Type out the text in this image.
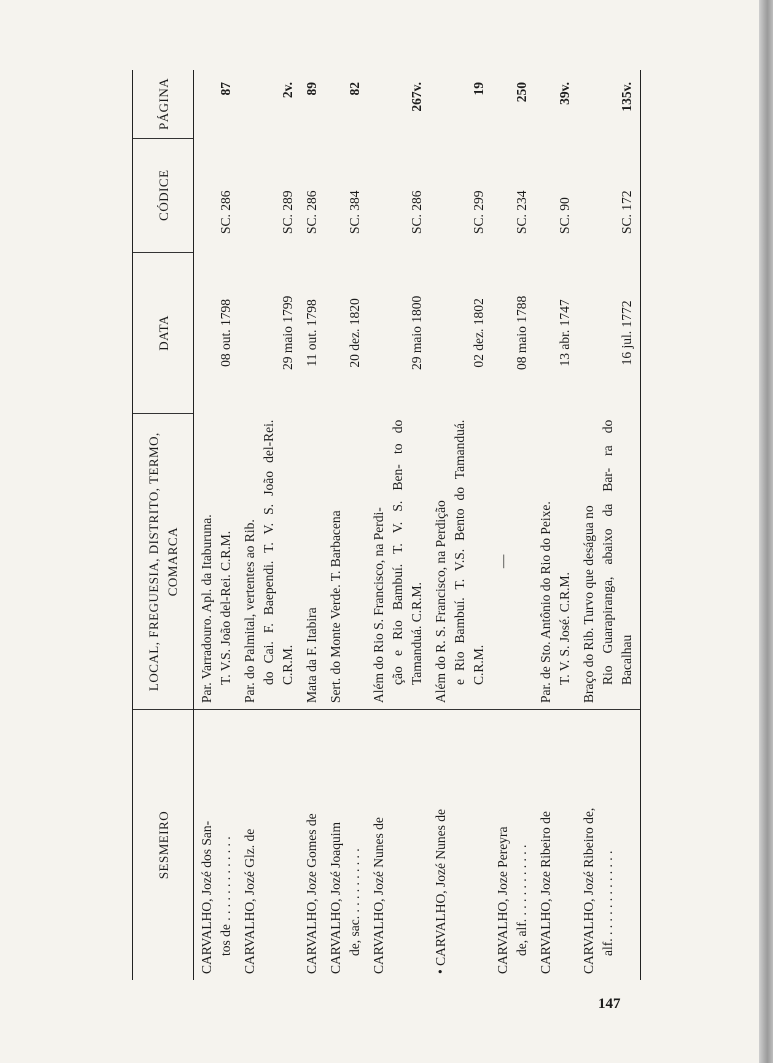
SESMEIRO	LOCAL, FREGUESIA, DISTRITO, TERMO, COMARCA	DATA	CÓDICE	PÁGINA
CARVALHO, Jozé dos San- tos de . . . . . . . . . . . . .	Par. Varradouro. Apl. da Itaburuna. T. V.S. João del-Rei. C.R.M.	08 out. 1798	SC. 286	87
CARVALHO, Jozé Glz. de	Par. do Palmital, vertentes ao Rib. do Cai. F. Baependi. T. V. S. João del-Rei. C.R.M.	29 maio 1799	SC. 289	2v.
CARVALHO, Joze Gomes de	Mata da F. Itabira	11 out. 1798	SC. 286	89
CARVALHO, Jozé Joaquim de, sac. . . . . . . . . . .	Sert. do Monte Verde. T. Barbacena	20 dez. 1820	SC. 384	82
CARVALHO, Jozé Nunes de	Além do Rio S. Francisco, na Perdi- ção e Rio Bambuí. T. V. S. Ben- to do Tamanduá. C.R.M.	29 maio 1800	SC. 286	267v.
• CARVALHO, Jozé Nunes de	Além do R. S. Francisco, na Perdição e Rio Bambuí. T. V.S. Bento do Tamanduá. C.R.M.	02 dez. 1802	SC. 299	19
CARVALHO, Joze Pereyra de, alf. . . . . . . . . . . .	—	08 maio 1788	SC. 234	250
CARVALHO, Joze Ribeiro de	Par. de Sto. Antônio do Rio do Peixe. T. V. S. José. C.R.M.	13 abr. 1747	SC. 90	39v.
CARVALHO, Jozé Ribeiro de, alf. . . . . . . . . . . . . .	Braço do Rib. Turvo que deságua no Rio Guarapiranga, abaixo da Bar- ra do Bacalhau	16 jul. 1772	SC. 172	135v.
147
